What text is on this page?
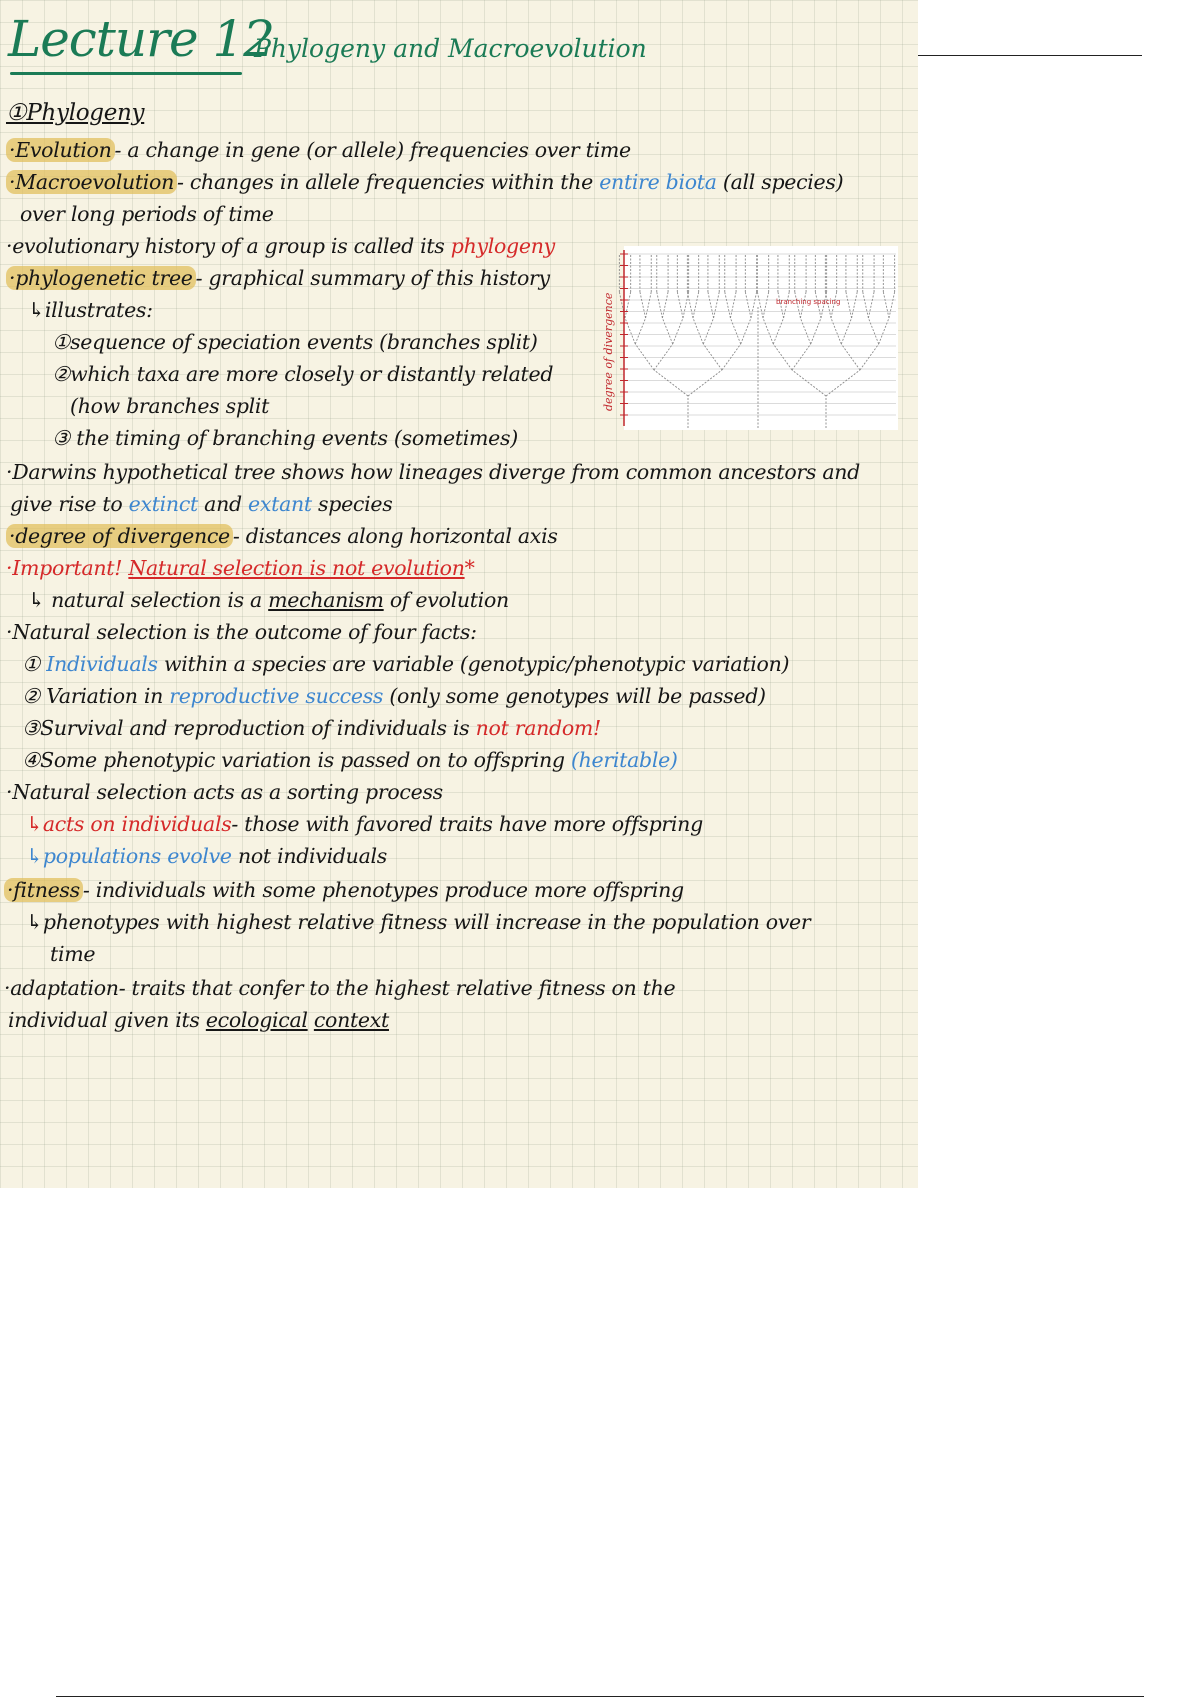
Lecture 12
Phylogeny and Macroevolution
①Phylogeny
·Evolution - a change in gene (or allele) frequencies over time
·Macroevolution - changes in allele frequencies within the entire biota (all species)
over long periods of time
·evolutionary history of a group is called its phylogeny
·phylogenetic tree - graphical summary of this history
↳illustrates:
①sequence of speciation events (branches split)
②which taxa are more closely or distantly related
(how branches split
③ the timing of branching events (sometimes)
·Darwins hypothetical tree shows how lineages diverge from common ancestors and
give rise to extinct and extant species
·degree of divergence - distances along horizontal axis
·Important! Natural selection is not evolution*
↳ natural selection is a mechanism of evolution
·Natural selection is the outcome of four facts:
① Individuals within a species are variable (genotypic/phenotypic variation)
② Variation in reproductive success (only some genotypes will be passed)
③Survival and reproduction of individuals is not random!
④Some phenotypic variation is passed on to offspring (heritable)
·Natural selection acts as a sorting process
↳acts on individuals- those with favored traits have more offspring
↳populations evolve not individuals
·fitness - individuals with some phenotypes produce more offspring
↳phenotypes with highest relative fitness will increase in the population over
time
·adaptation- traits that confer to the highest relative fitness on the
individual given its ecological context
degree of divergence	branching spacing
